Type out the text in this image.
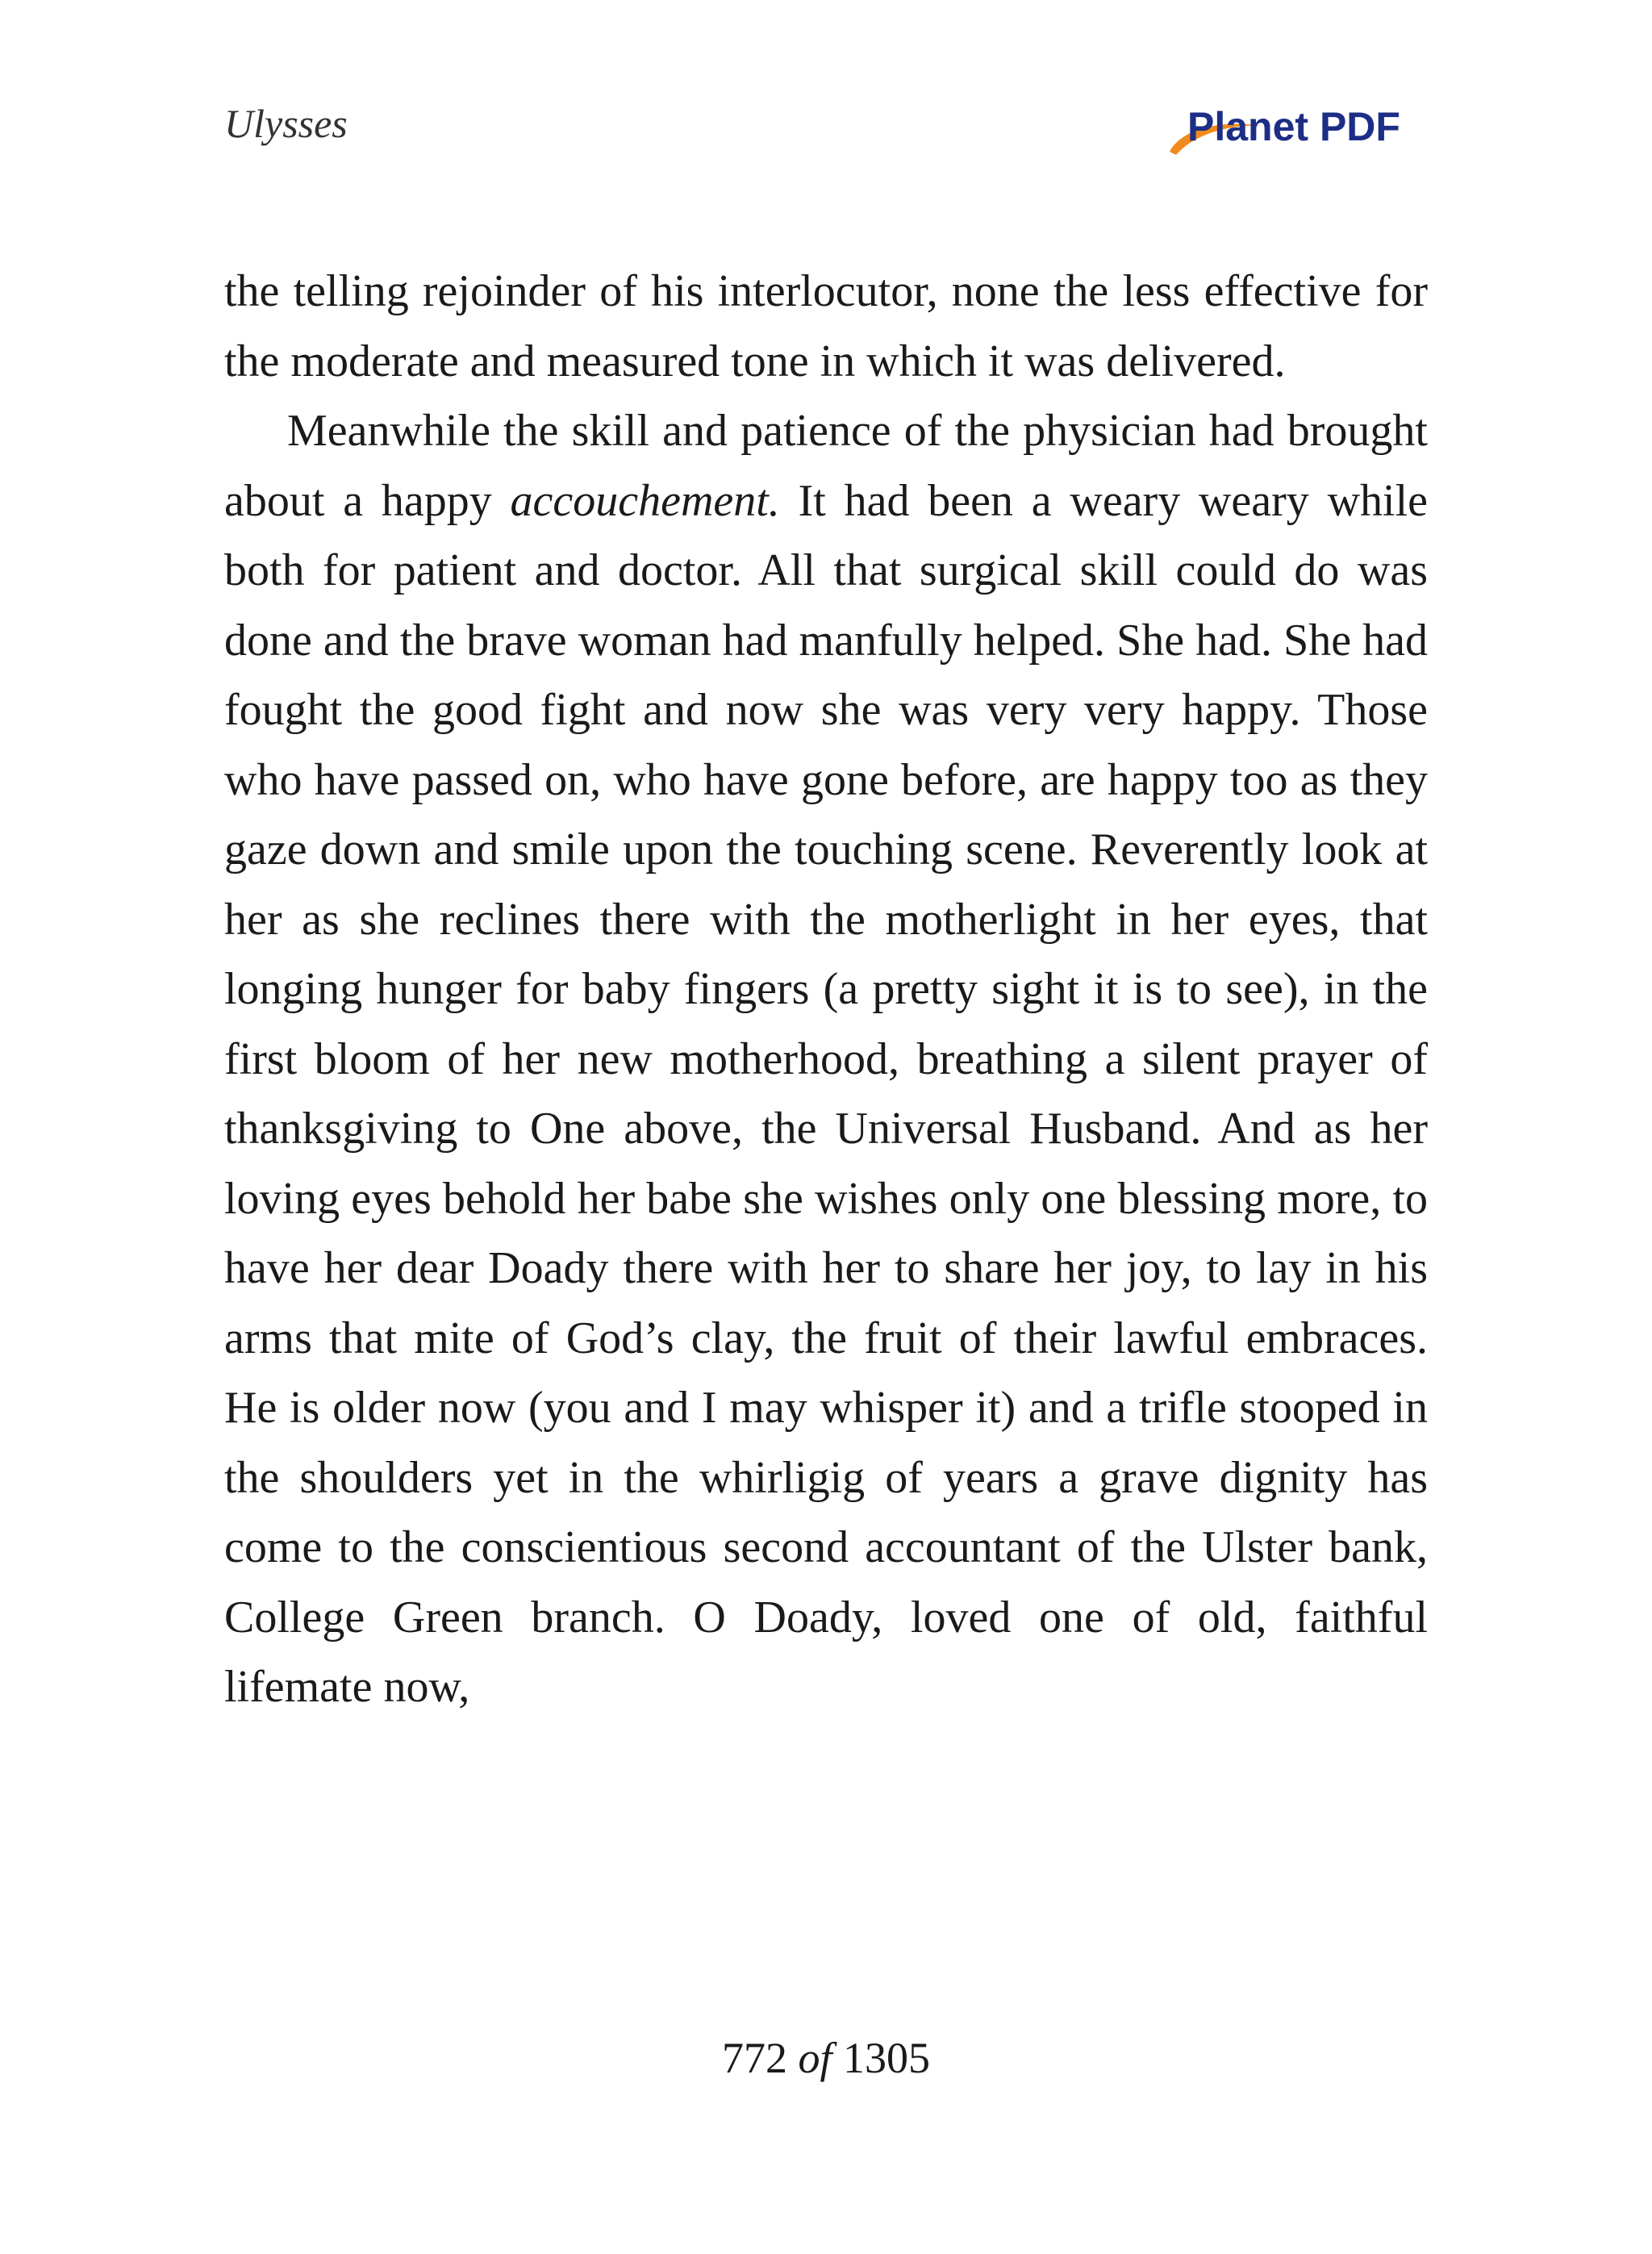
Ulysses	Planet PDF

the telling rejoinder of his interlocutor, none the less effective for the moderate and measured tone in which it was delivered.

Meanwhile the skill and patience of the physician had brought about a happy accouchement. It had been a weary weary while both for patient and doctor. All that surgical skill could do was done and the brave woman had manfully helped. She had. She had fought the good fight and now she was very very happy. Those who have passed on, who have gone before, are happy too as they gaze down and smile upon the touching scene. Reverently look at her as she reclines there with the motherlight in her eyes, that longing hunger for baby fingers (a pretty sight it is to see), in the first bloom of her new motherhood, breathing a silent prayer of thanksgiving to One above, the Universal Husband. And as her loving eyes behold her babe she wishes only one blessing more, to have her dear Doady there with her to share her joy, to lay in his arms that mite of God’s clay, the fruit of their lawful embraces. He is older now (you and I may whisper it) and a trifle stooped in the shoulders yet in the whirligig of years a grave dignity has come to the conscientious second accountant of the Ulster bank, College Green branch. O Doady, loved one of old, faithful lifemate now,

772 of 1305
